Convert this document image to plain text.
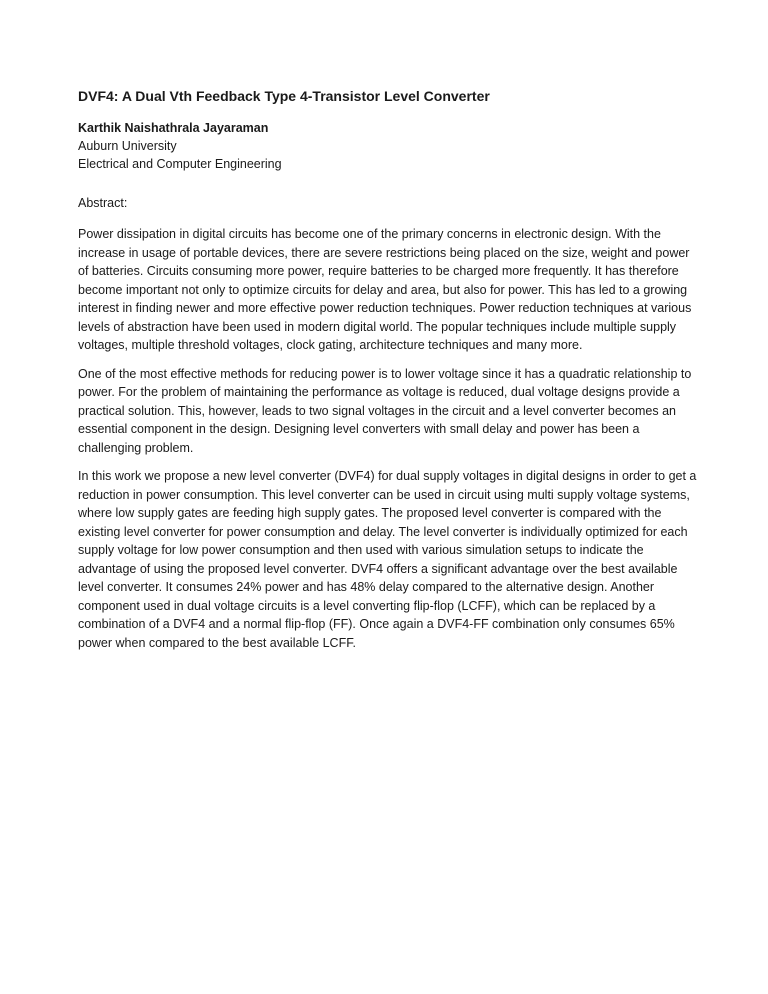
DVF4: A Dual Vth Feedback Type 4-Transistor Level Converter
Karthik Naishathrala Jayaraman
Auburn University
Electrical and Computer Engineering
Abstract:

Power dissipation in digital circuits has become one of the primary concerns in electronic design. With the increase in usage of portable devices, there are severe restrictions being placed on the size, weight and power of batteries. Circuits consuming more power, require batteries to be charged more frequently. It has therefore become important not only to optimize circuits for delay and area, but also for power. This has led to a growing interest in finding newer and more effective power reduction techniques. Power reduction techniques at various levels of abstraction have been used in modern digital world. The popular techniques include multiple supply voltages, multiple threshold voltages, clock gating, architecture techniques and many more.

One of the most effective methods for reducing power is to lower voltage since it has a quadratic relationship to power. For the problem of maintaining the performance as voltage is reduced, dual voltage designs provide a practical solution. This, however, leads to two signal voltages in the circuit and a level converter becomes an essential component in the design. Designing level converters with small delay and power has been a challenging problem.

In this work we propose a new level converter (DVF4) for dual supply voltages in digital designs in order to get a reduction in power consumption. This level converter can be used in circuit using multi supply voltage systems, where low supply gates are feeding high supply gates. The proposed level converter is compared with the existing level converter for power consumption and delay. The level converter is individually optimized for each supply voltage for low power consumption and then used with various simulation setups to indicate the advantage of using the proposed level converter. DVF4 offers a significant advantage over the best available level converter. It consumes 24% power and has 48% delay compared to the alternative design. Another component used in dual voltage circuits is a level converting flip-flop (LCFF), which can be replaced by a combination of a DVF4 and a normal flip-flop (FF). Once again a DVF4-FF combination only consumes 65% power when compared to the best available LCFF.
